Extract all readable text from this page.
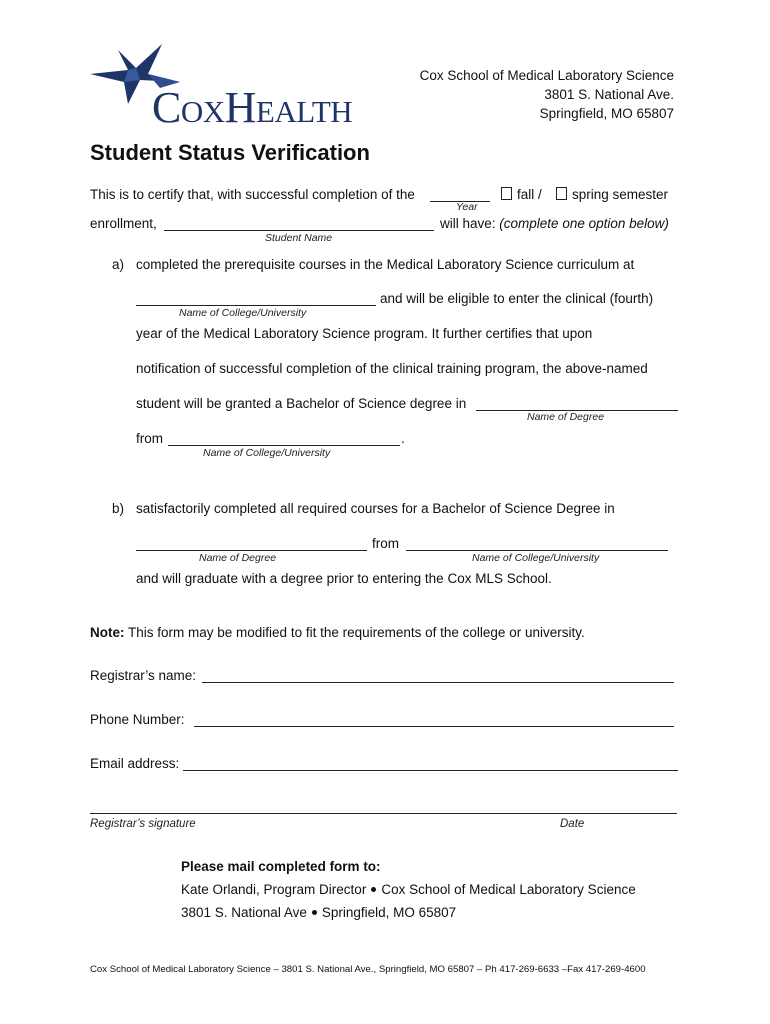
COXHEALTH
Cox School of Medical Laboratory Science
3801 S. National Ave.
Springfield, MO 65807
Student Status Verification
This is to certify that, with successful completion of the
Year
fall /	spring semester
enrollment,
Student Name
will have: (complete one option below)
a) completed the prerequisite courses in the Medical Laboratory Science curriculum at
Name of College/University
and will be eligible to enter the clinical (fourth)
year of the Medical Laboratory Science program. It further certifies that upon
notification of successful completion of the clinical training program, the above-named
student will be granted a Bachelor of Science degree in
Name of Degree
from	.
Name of College/University
b) satisfactorily completed all required courses for a Bachelor of Science Degree in
Name of Degree
from
Name of College/University
and will graduate with a degree prior to entering the Cox MLS School.
Note: This form may be modified to fit the requirements of the college or university.
Registrar’s name:
Phone Number:
Email address:
Registrar’s signature	Date
Please mail completed form to:
Kate Orlandi, Program Director Cox School of Medical Laboratory Science
3801 S. National Ave Springfield, MO 65807
Cox School of Medical Laboratory Science – 3801 S. National Ave., Springfield, MO 65807 – Ph 417-269-6633 –Fax 417-269-4600
